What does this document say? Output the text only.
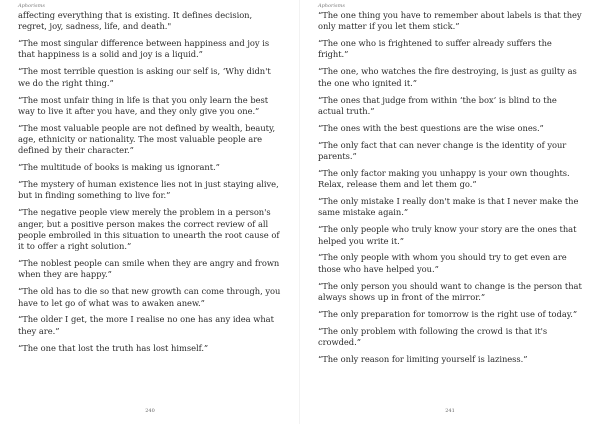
Aphorisms

affecting everything that is existing. It defines decision, regret, joy, sadness, life, and death."

“The most singular difference between happiness and joy is that happiness is a solid and joy is a liquid.”

“The most terrible question is asking our self is, ‘Why didn't we do the right thing.”

“The most unfair thing in life is that you only learn the best way to live it after you have, and they only give you one.”

“The most valuable people are not defined by wealth, beauty, age, ethnicity or nationality. The most valuable people are defined by their character.”

“The multitude of books is making us ignorant.”

“The mystery of human existence lies not in just staying alive, but in finding something to live for.”

“The negative people view merely the problem in a person's anger, but a positive person makes the correct review of all people embroiled in this situation to unearth the root cause of it to offer a right solution.”

“The noblest people can smile when they are angry and frown when they are happy.”

“The old has to die so that new growth can come through, you have to let go of what was to awaken anew.”

“The older I get, the more I realise no one has any idea what they are.”

“The one that lost the truth has lost himself.”

240
Aphorisms

“The one thing you have to remember about labels is that they only matter if you let them stick.”

“The one who is frightened to suffer already suffers the fright.”

“The one, who watches the fire destroying, is just as guilty as the one who ignited it.”

“The ones that judge from within ‘the box’ is blind to the actual truth.”

“The ones with the best questions are the wise ones.”

“The only fact that can never change is the identity of your parents.”

“The only factor making you unhappy is your own thoughts. Relax, release them and let them go.”

“The only mistake I really don't make is that I never make the same mistake again.”

“The only people who truly know your story are the ones that helped you write it.”

“The only people with whom you should try to get even are those who have helped you.”

“The only person you should want to change is the person that always shows up in front of the mirror.”

“The only preparation for tomorrow is the right use of today.”

“The only problem with following the crowd is that it's crowded.”

“The only reason for limiting yourself is laziness.”

241
